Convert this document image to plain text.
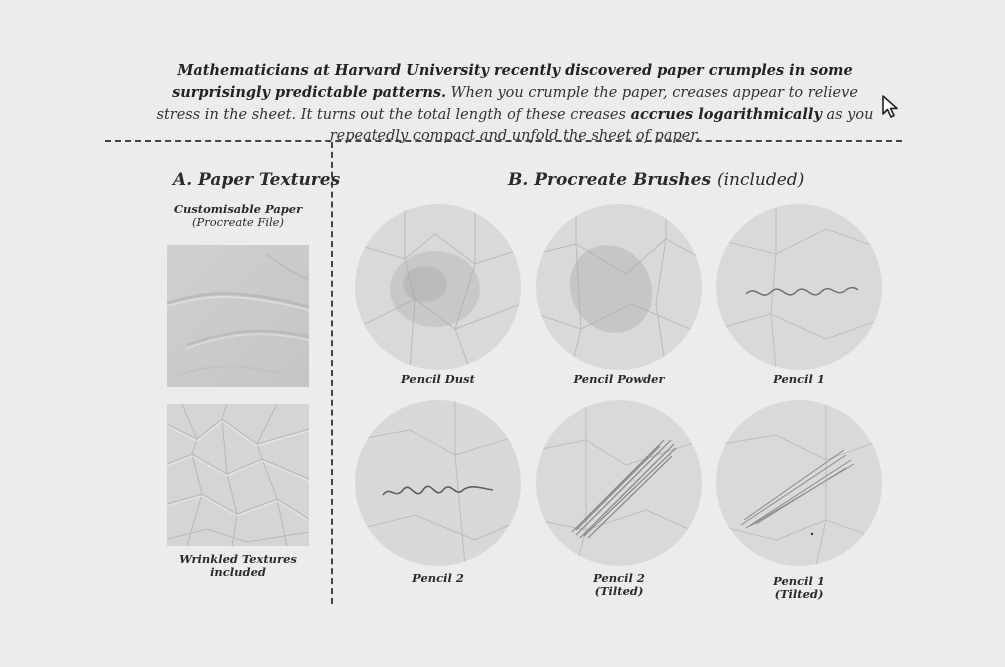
Mathematicians at Harvard University recently discovered paper crumples in some surprisingly predictable patterns. When you crumple the paper, creases appear to relieve stress in the sheet. It turns out the total length of these creases accrues logarithmically as you repeatedly compact and unfold the sheet of paper.
A. Paper Textures
Customisable Paper
(Procreate File)
Wrinkled Textures included
B. Procreate Brushes (included)
Pencil Dust	Pencil Powder	Pencil 1
Pencil 2	Pencil 2
(Tilted)
Pencil 1
(Tilted)
